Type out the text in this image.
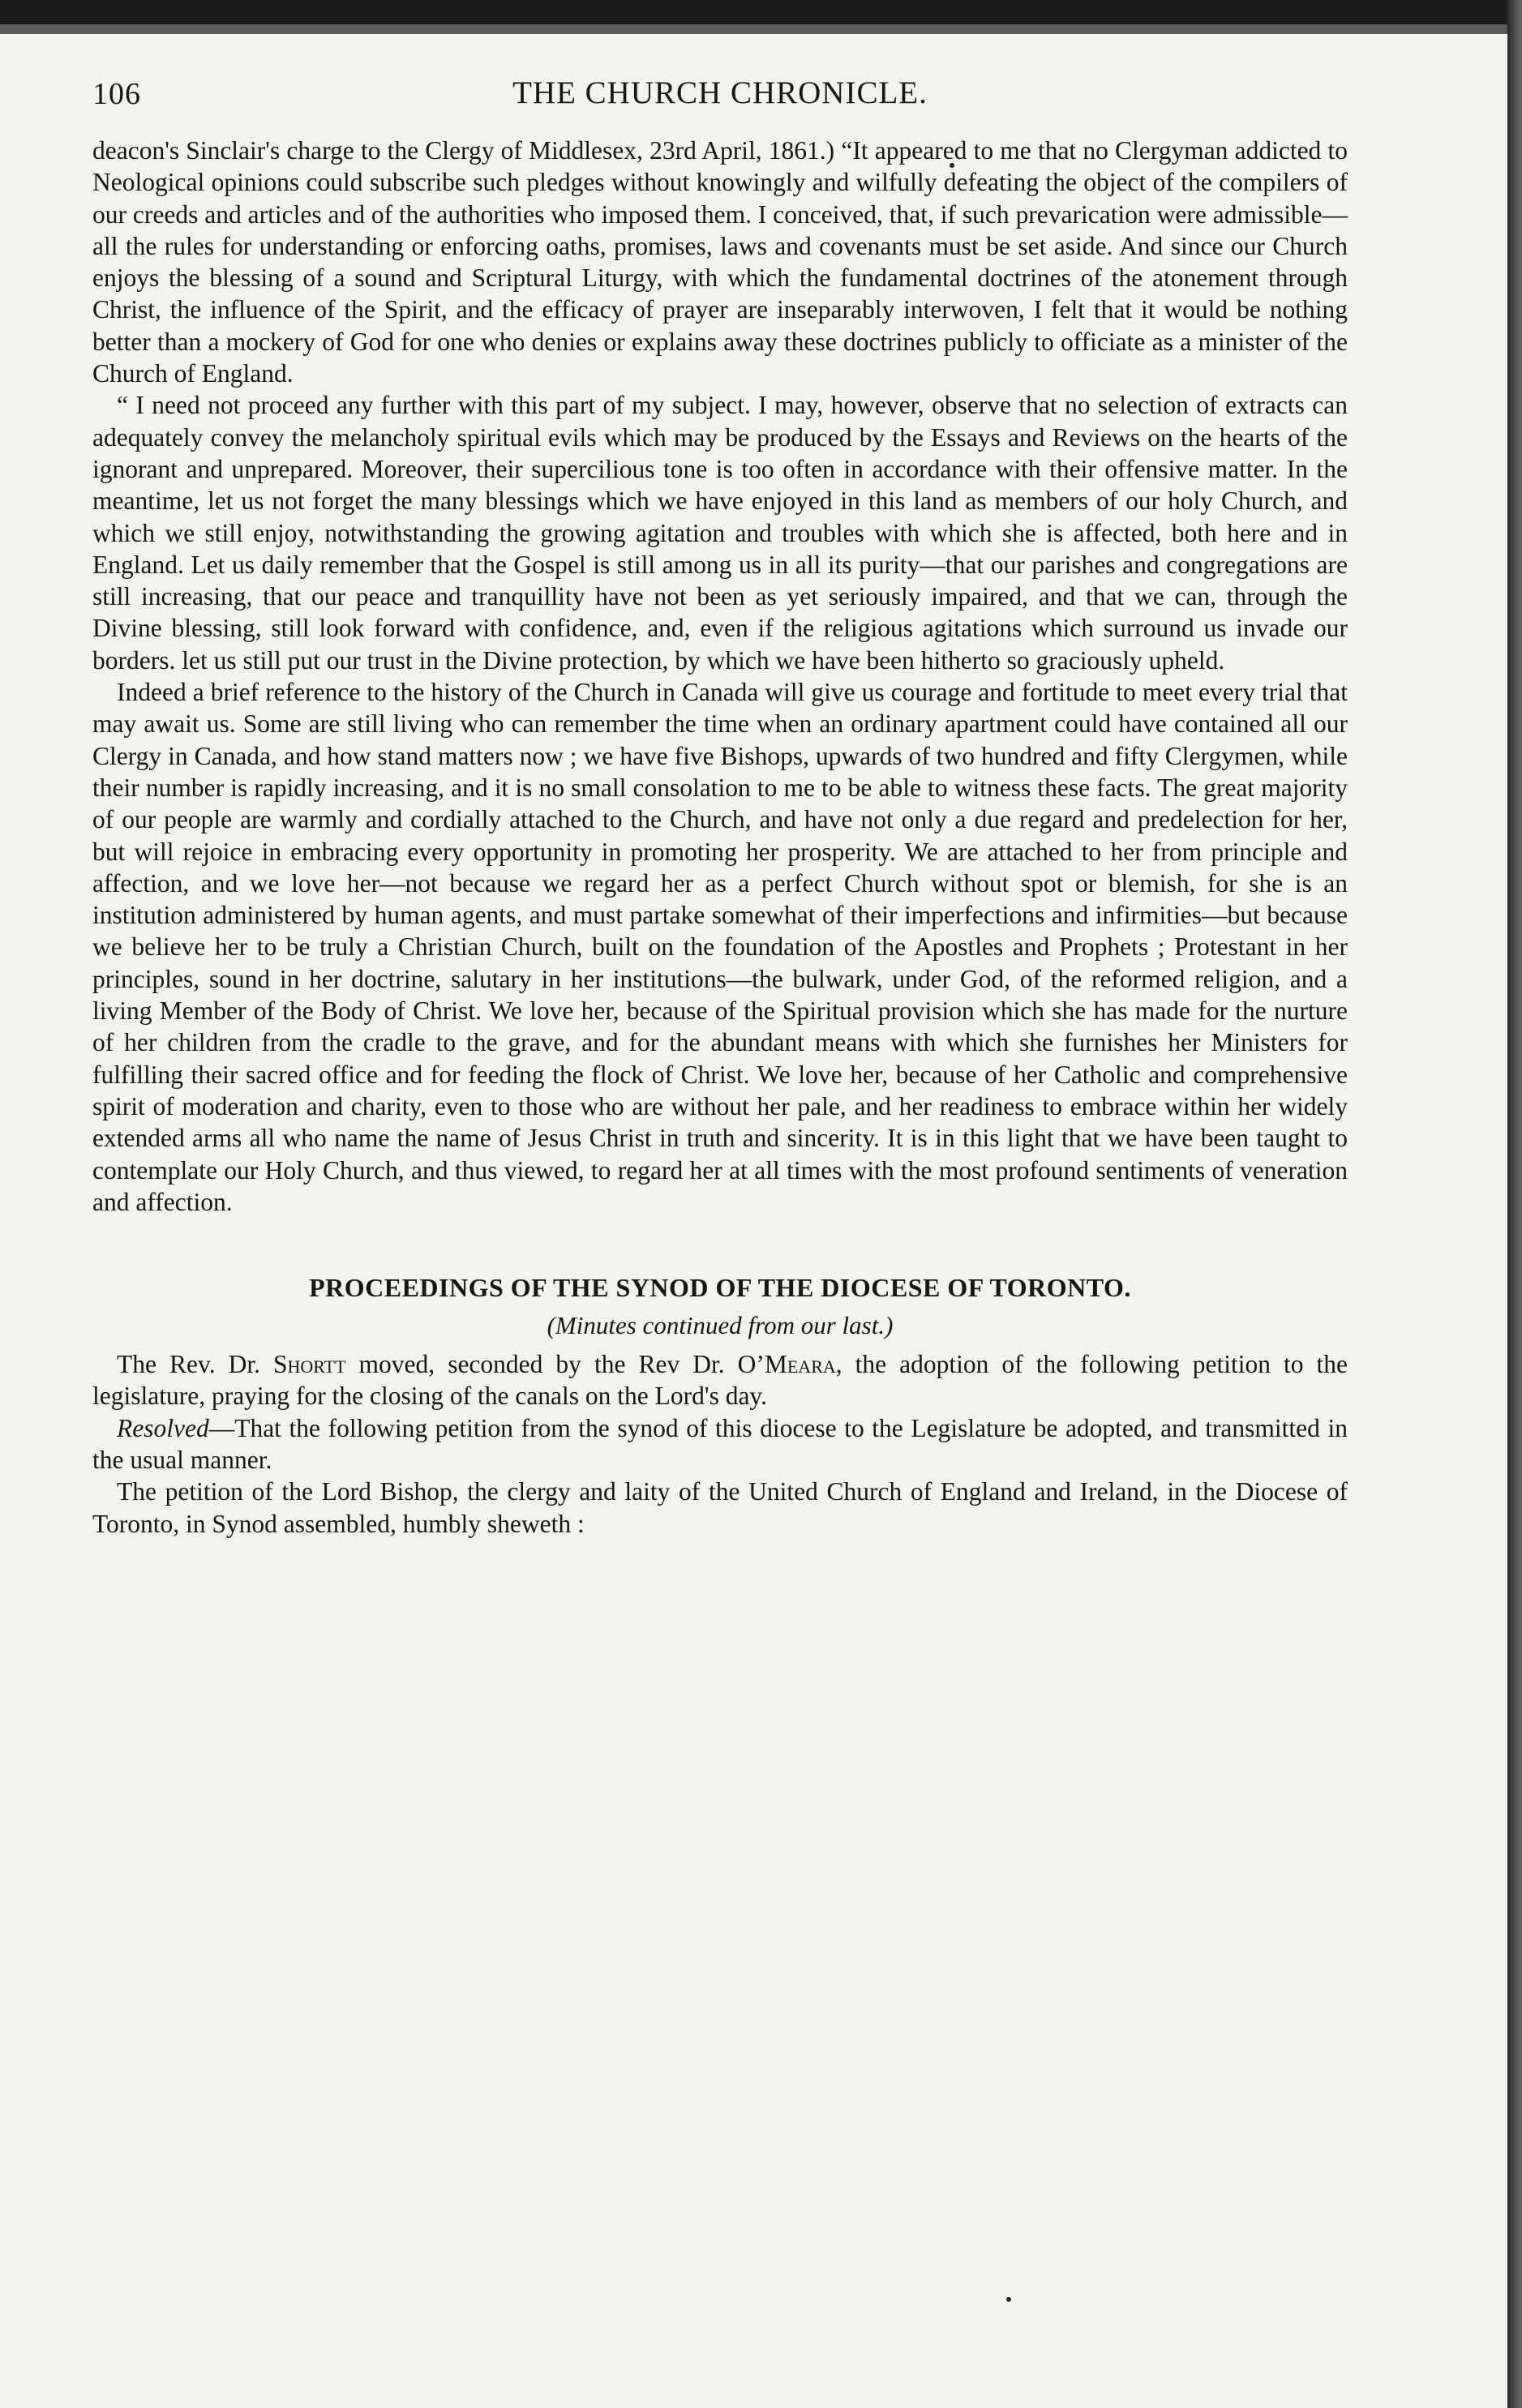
106	THE CHURCH CHRONICLE.

deacon's Sinclair's charge to the Clergy of Middlesex, 23rd April, 1861.) “It appeared to me that no Clergyman addicted to Neological opinions could subscribe such pledges without knowingly and wilfully defeating the object of the compilers of our creeds and articles and of the authorities who imposed them. I conceived, that, if such prevarication were admissible—all the rules for understanding or enforcing oaths, promises, laws and covenants must be set aside. And since our Church enjoys the blessing of a sound and Scriptural Liturgy, with which the fundamental doctrines of the atonement through Christ, the influence of the Spirit, and the efficacy of prayer are inseparably interwoven, I felt that it would be nothing better than a mockery of God for one who denies or explains away these doctrines publicly to officiate as a minister of the Church of England.

“ I need not proceed any further with this part of my subject. I may, however, observe that no selection of extracts can adequately convey the melancholy spiritual evils which may be produced by the Essays and Reviews on the hearts of the ignorant and unprepared. Moreover, their supercilious tone is too often in accordance with their offensive matter. In the meantime, let us not forget the many blessings which we have enjoyed in this land as members of our holy Church, and which we still enjoy, notwithstanding the growing agitation and troubles with which she is affected, both here and in England. Let us daily remember that the Gospel is still among us in all its purity—that our parishes and congregations are still increasing, that our peace and tranquillity have not been as yet seriously impaired, and that we can, through the Divine blessing, still look forward with confidence, and, even if the religious agitations which surround us invade our borders. let us still put our trust in the Divine protection, by which we have been hitherto so graciously upheld.

Indeed a brief reference to the history of the Church in Canada will give us courage and fortitude to meet every trial that may await us. Some are still living who can remember the time when an ordinary apartment could have contained all our Clergy in Canada, and how stand matters now ; we have five Bishops, upwards of two hundred and fifty Clergymen, while their number is rapidly increasing, and it is no small consolation to me to be able to witness these facts. The great majority of our people are warmly and cordially attached to the Church, and have not only a due regard and predelection for her, but will rejoice in embracing every opportunity in promoting her prosperity. We are attached to her from principle and affection, and we love her—not because we regard her as a perfect Church without spot or blemish, for she is an institution administered by human agents, and must partake somewhat of their imperfections and infirmities—but because we believe her to be truly a Christian Church, built on the foundation of the Apostles and Prophets ; Protestant in her principles, sound in her doctrine, salutary in her institutions—the bulwark, under God, of the reformed religion, and a living Member of the Body of Christ. We love her, because of the Spiritual provision which she has made for the nurture of her children from the cradle to the grave, and for the abundant means with which she furnishes her Ministers for fulfilling their sacred office and for feeding the flock of Christ. We love her, because of her Catholic and comprehensive spirit of moderation and charity, even to those who are without her pale, and her readiness to embrace within her widely extended arms all who name the name of Jesus Christ in truth and sincerity. It is in this light that we have been taught to contemplate our Holy Church, and thus viewed, to regard her at all times with the most profound sentiments of veneration and affection.

PROCEEDINGS OF THE SYNOD OF THE DIOCESE OF TORONTO.
(Minutes continued from our last.)

The Rev. Dr. Shortt moved, seconded by the Rev Dr. O’Meara, the adoption of the following petition to the legislature, praying for the closing of the canals on the Lord's day.

Resolved—That the following petition from the synod of this diocese to the Legislature be adopted, and transmitted in the usual manner.

The petition of the Lord Bishop, the clergy and laity of the United Church of England and Ireland, in the Diocese of Toronto, in Synod assembled, humbly sheweth :
